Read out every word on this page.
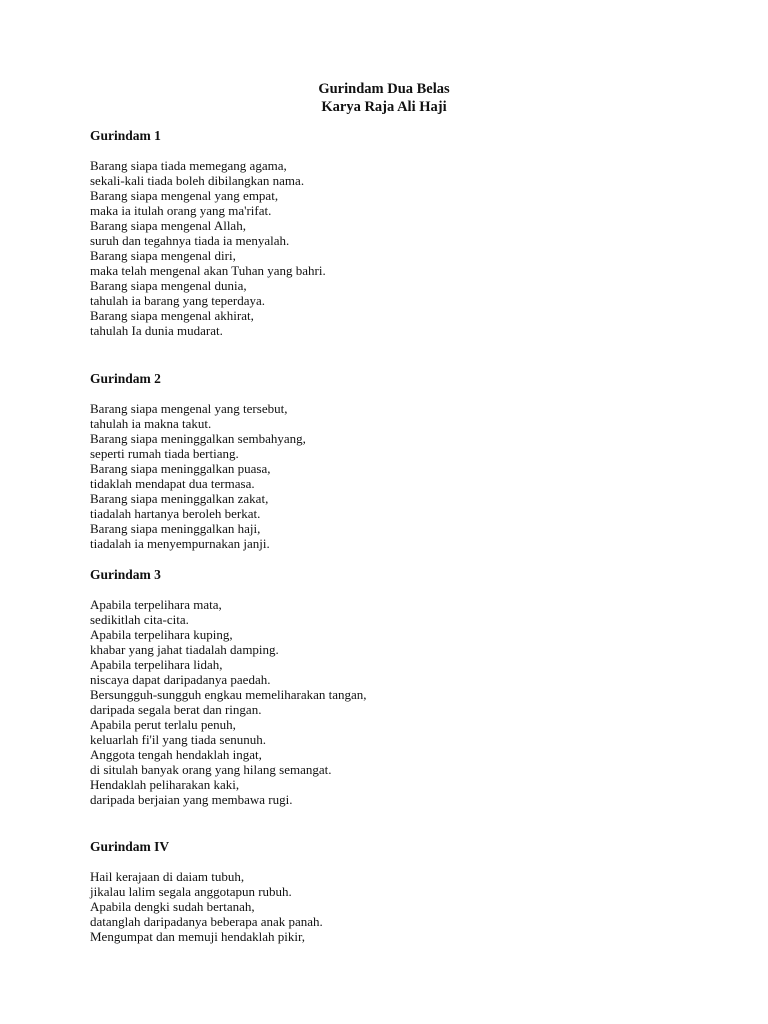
Gurindam Dua Belas
Karya Raja Ali Haji
Gurindam 1
Barang siapa tiada memegang agama,
sekali-kali tiada boleh dibilangkan nama.
Barang siapa mengenal yang empat,
maka ia itulah orang yang ma'rifat.
Barang siapa mengenal Allah,
suruh dan tegahnya tiada ia menyalah.
Barang siapa mengenal diri,
maka telah mengenal akan Tuhan yang bahri.
Barang siapa mengenal dunia,
tahulah ia barang yang teperdaya.
Barang siapa mengenal akhirat,
tahulah Ia dunia mudarat.
Gurindam 2
Barang siapa mengenal yang tersebut,
tahulah ia makna takut.
Barang siapa meninggalkan sembahyang,
seperti rumah tiada bertiang.
Barang siapa meninggalkan puasa,
tidaklah mendapat dua termasa.
Barang siapa meninggalkan zakat,
tiadalah hartanya beroleh berkat.
Barang siapa meninggalkan haji,
tiadalah ia menyempurnakan janji.
Gurindam 3
Apabila terpelihara mata,
sedikitlah cita-cita.
Apabila terpelihara kuping,
khabar yang jahat tiadalah damping.
Apabila terpelihara lidah,
niscaya dapat daripadanya paedah.
Bersungguh-sungguh engkau memeliharakan tangan,
daripada segala berat dan ringan.
Apabila perut terlalu penuh,
keluarlah fi'il yang tiada senunuh.
Anggota tengah hendaklah ingat,
di situlah banyak orang yang hilang semangat.
Hendaklah peliharakan kaki,
daripada berjaian yang membawa rugi.
Gurindam IV
Hail kerajaan di daiam tubuh,
jikalau lalim segala anggotapun rubuh.
Apabila dengki sudah bertanah,
datanglah daripadanya beberapa anak panah.
Mengumpat dan memuji hendaklah pikir,
